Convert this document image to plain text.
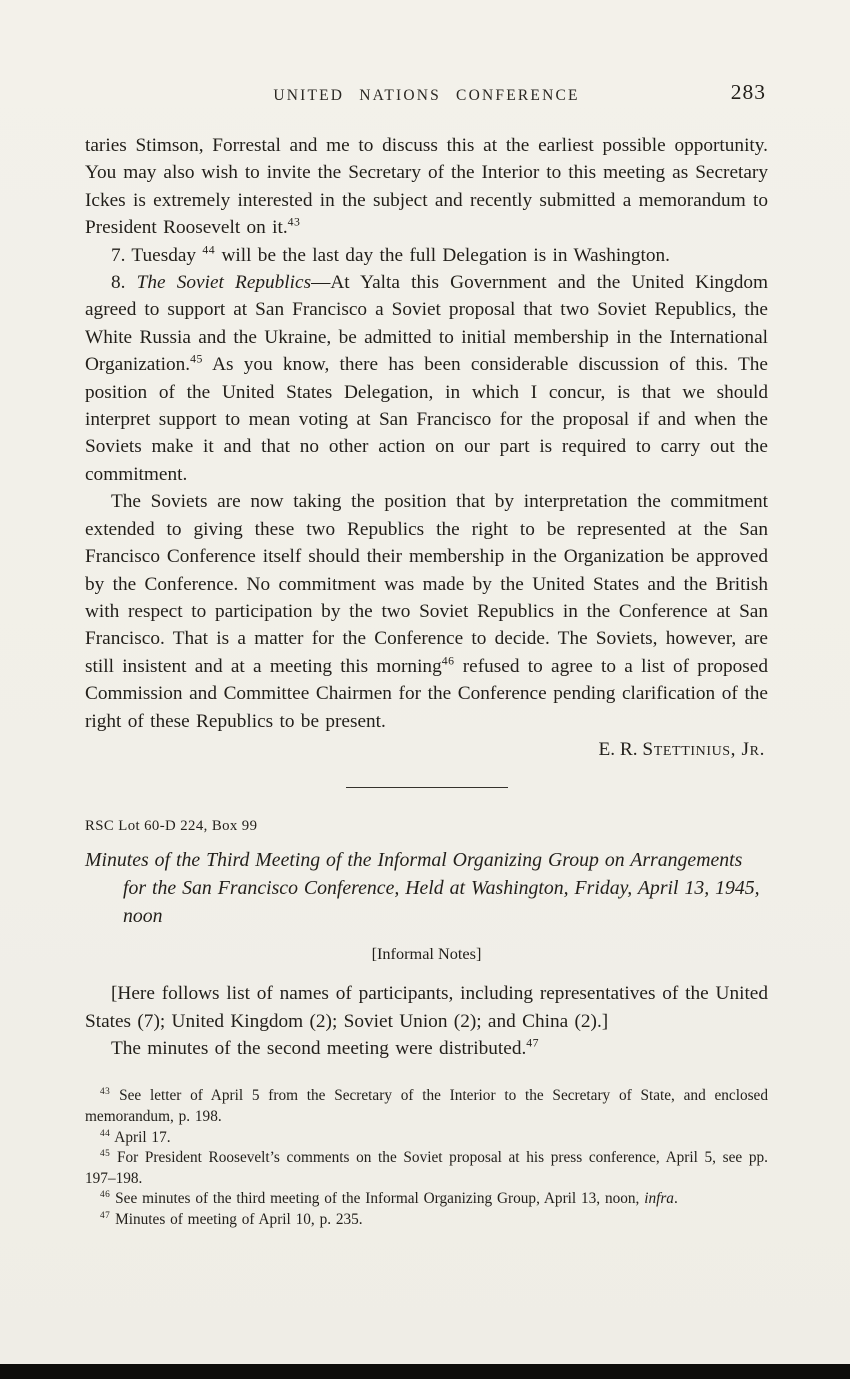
UNITED NATIONS CONFERENCE	283

taries Stimson, Forrestal and me to discuss this at the earliest possible opportunity. You may also wish to invite the Secretary of the Interior to this meeting as Secretary Ickes is extremely interested in the subject and recently submitted a memorandum to President Roosevelt on it.$^{43}$

7. Tuesday $^{44}$ will be the last day the full Delegation is in Washington.

8. The Soviet Republics—At Yalta this Government and the United Kingdom agreed to support at San Francisco a Soviet proposal that two Soviet Republics, the White Russia and the Ukraine, be admitted to initial membership in the International Organization.$^{45}$ As you know, there has been considerable discussion of this. The position of the United States Delegation, in which I concur, is that we should interpret support to mean voting at San Francisco for the proposal if and when the Soviets make it and that no other action on our part is required to carry out the commitment.

The Soviets are now taking the position that by interpretation the commitment extended to giving these two Republics the right to be represented at the San Francisco Conference itself should their membership in the Organization be approved by the Conference. No commitment was made by the United States and the British with respect to participation by the two Soviet Republics in the Conference at San Francisco. That is a matter for the Conference to decide. The Soviets, however, are still insistent and at a meeting this morning$^{46}$ refused to agree to a list of proposed Commission and Committee Chairmen for the Conference pending clarification of the right of these Republics to be present.

E. R. Stettinius, Jr.

RSC Lot 60-D 224, Box 99

Minutes of the Third Meeting of the Informal Organizing Group on Arrangements for the San Francisco Conference, Held at Washington, Friday, April 13, 1945, noon

[Informal Notes]

[Here follows list of names of participants, including representatives of the United States (7); United Kingdom (2); Soviet Union (2); and China (2).]

The minutes of the second meeting were distributed.$^{47}$

$^{43}$ See letter of April 5 from the Secretary of the Interior to the Secretary of State, and enclosed memorandum, p. 198.

$^{44}$ April 17.

$^{45}$ For President Roosevelt’s comments on the Soviet proposal at his press conference, April 5, see pp. 197–198.

$^{46}$ See minutes of the third meeting of the Informal Organizing Group, April 13, noon, infra.

$^{47}$ Minutes of meeting of April 10, p. 235.
